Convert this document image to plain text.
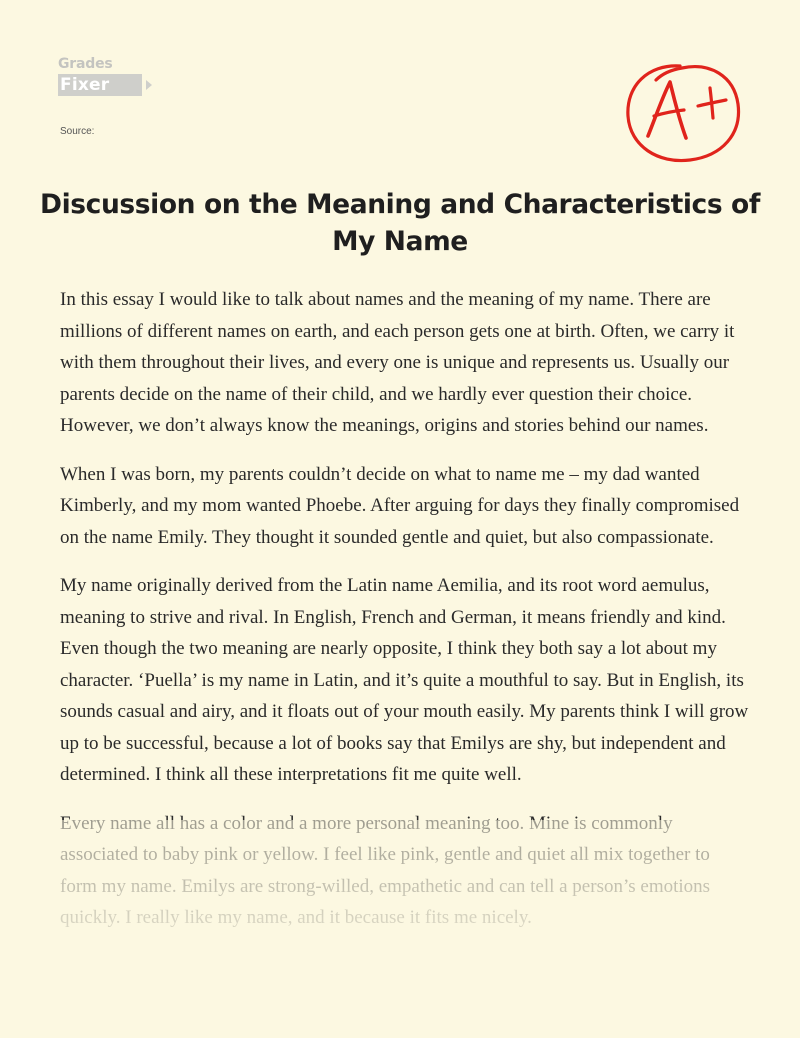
Grades
Fixer
Source:
A+
Discussion on the Meaning and Characteristics of My Name

In this essay I would like to talk about names and the meaning of my name. There are millions of different names on earth, and each person gets one at birth. Often, we carry it with them throughout their lives, and every one is unique and represents us. Usually our parents decide on the name of their child, and we hardly ever question their choice. However, we don’t always know the meanings, origins and stories behind our names.

When I was born, my parents couldn’t decide on what to name me – my dad wanted Kimberly, and my mom wanted Phoebe. After arguing for days they finally compromised on the name Emily. They thought it sounded gentle and quiet, but also compassionate.

My name originally derived from the Latin name Aemilia, and its root word aemulus, meaning to strive and rival. In English, French and German, it means friendly and kind. Even though the two meaning are nearly opposite, I think they both say a lot about my character. ‘Puella’ is my name in Latin, and it’s quite a mouthful to say. But in English, its sounds casual and airy, and it floats out of your mouth easily. My parents think I will grow up to be successful, because a lot of books say that Emilys are shy, but independent and determined. I think all these interpretations fit me quite well.
